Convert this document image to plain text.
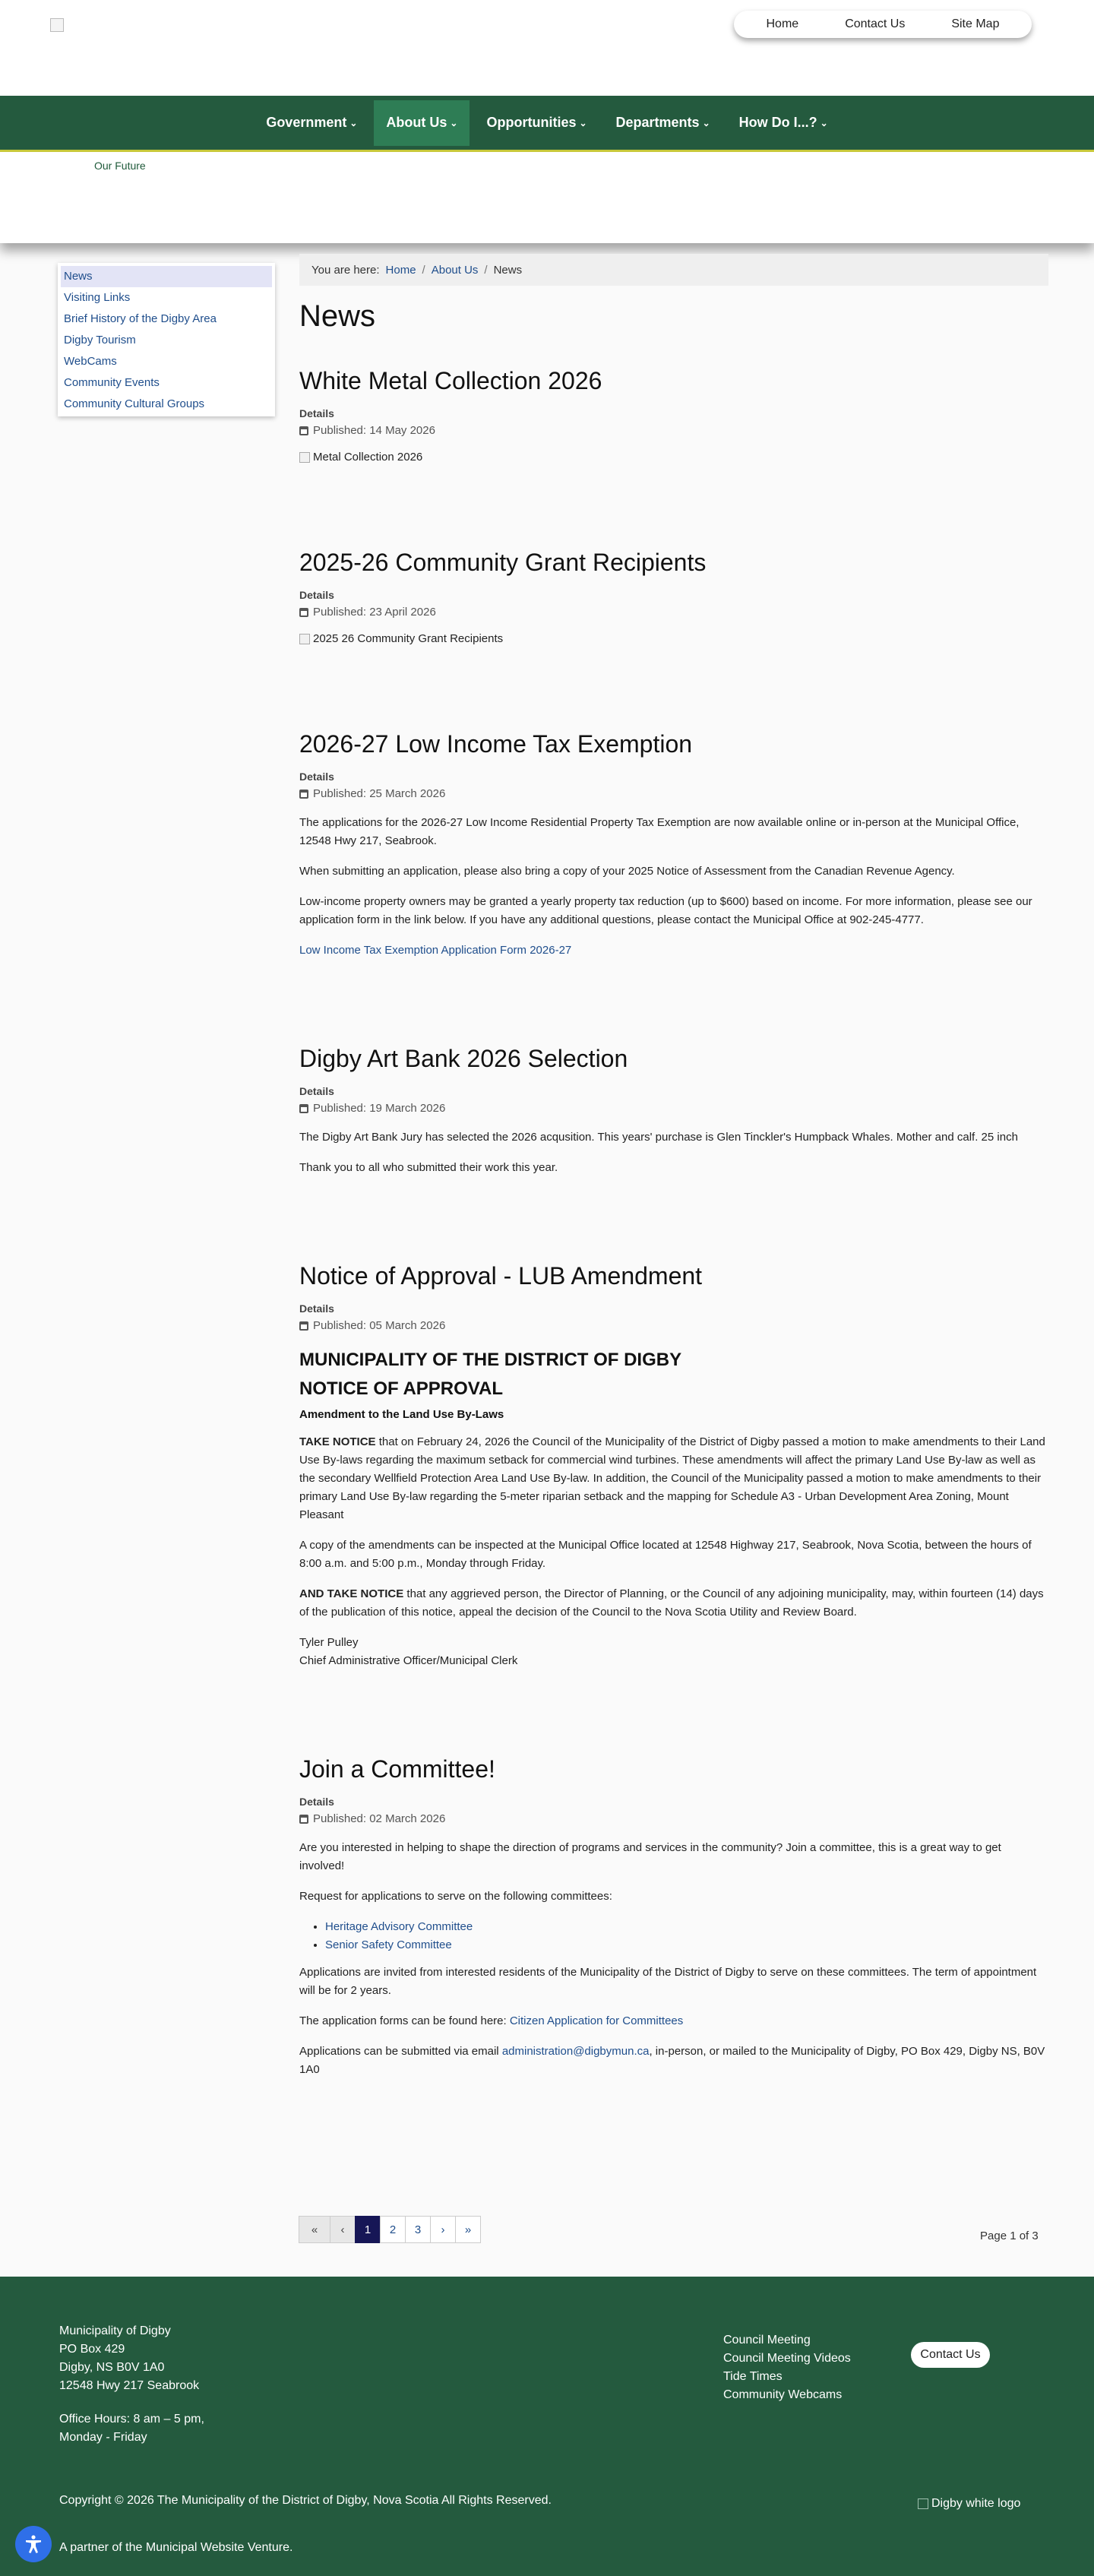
Our Future
Home	Contact Us	Site Map
Government ⌄ About Us ⌄ Opportunities ⌄ Departments ⌄ How Do I...? ⌄
News
Visiting Links
Brief History of the Digby Area
Digby Tourism
WebCams
Community Events
Community Cultural Groups
You are here: Home / About Us / News
News
White Metal Collection 2026
Details
Published: 14 May 2026
Metal Collection 2026
2025-26 Community Grant Recipients
Details
Published: 23 April 2026
2025 26 Community Grant Recipients
2026-27 Low Income Tax Exemption
Details
Published: 25 March 2026

The applications for the 2026-27 Low Income Residential Property Tax Exemption are now available online or in-person at the Municipal Office, 12548 Hwy 217, Seabrook.

When submitting an application, please also bring a copy of your 2025 Notice of Assessment from the Canadian Revenue Agency.

Low-income property owners may be granted a yearly property tax reduction (up to $600) based on income. For more information, please see our application form in the link below. If you have any additional questions, please contact the Municipal Office at 902-245-4777.

Low Income Tax Exemption Application Form 2026-27

Digby Art Bank 2026 Selection
Details
Published: 19 March 2026

The Digby Art Bank Jury has selected the 2026 acqusition. This years' purchase is Glen Tinckler's Humpback Whales. Mother and calf. 25 inch

Thank you to all who submitted their work this year.

Notice of Approval - LUB Amendment
Details
Published: 05 March 2026
MUNICIPALITY OF THE DISTRICT OF DIGBY
NOTICE OF APPROVAL
Amendment to the Land Use By-Laws

TAKE NOTICE that on February 24, 2026 the Council of the Municipality of the District of Digby passed a motion to make amendments to their Land Use By-laws regarding the maximum setback for commercial wind turbines. These amendments will affect the primary Land Use By-law as well as the secondary Wellfield Protection Area Land Use By-law. In addition, the Council of the Municipality passed a motion to make amendments to their primary Land Use By-law regarding the 5-meter riparian setback and the mapping for Schedule A3 - Urban Development Area Zoning, Mount Pleasant

A copy of the amendments can be inspected at the Municipal Office located at 12548 Highway 217, Seabrook, Nova Scotia, between the hours of 8:00 a.m. and 5:00 p.m., Monday through Friday.

AND TAKE NOTICE that any aggrieved person, the Director of Planning, or the Council of any adjoining municipality, may, within fourteen (14) days of the publication of this notice, appeal the decision of the Council to the Nova Scotia Utility and Review Board.

Tyler Pulley
Chief Administrative Officer/Municipal Clerk

Join a Committee!
Details
Published: 02 March 2026

Are you interested in helping to shape the direction of programs and services in the community? Join a committee, this is a great way to get involved!

Request for applications to serve on the following committees:

• Heritage Advisory Committee
• Senior Safety Committee

Applications are invited from interested residents of the Municipality of the District of Digby to serve on these committees. The term of appointment will be for 2 years.

The application forms can be found here: Citizen Application for Committees

Applications can be submitted via email administration@digbymun.ca, in-person, or mailed to the Municipality of Digby, PO Box 429, Digby NS, B0V 1A0

« ‹	1	2	3	› »	Page 1 of 3
Municipality of Digby
PO Box 429
Digby, NS B0V 1A0
12548 Hwy 217 Seabrook
Office Hours: 8 am – 5 pm,
Monday - Friday
Council Meeting
Council Meeting Videos
Tide Times
Community Webcams
Contact Us
Copyright © 2026 The Municipality of the District of Digby, Nova Scotia All Rights Reserved.	Digby white logo
A partner of the Municipal Website Venture.
